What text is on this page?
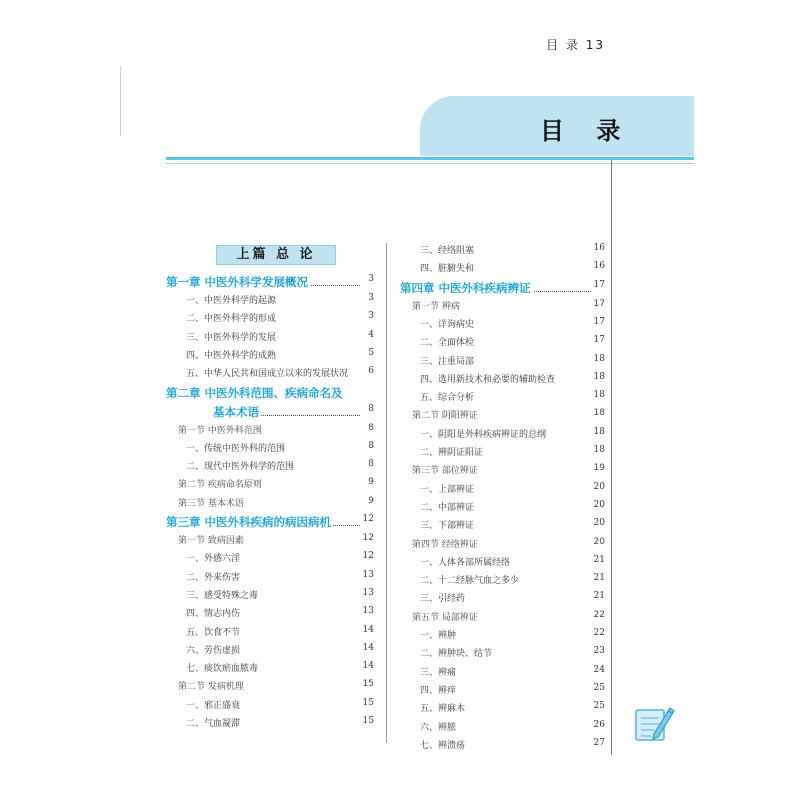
目 录 13
目 录
上篇 总 论
第一章 中医外科学发展概况	3
一、中医外科学的起源	3
二、中医外科学的形成	3
三、中医外科学的发展	4
四、中医外科学的成熟	5
五、中华人民共和国成立以来的发展状况 6
第二章 中医外科范围、疾病命名及
基本术语	8
第一节 中医外科范围	8
一、传统中医外科的范围	8
二、现代中医外科学的范围	8
第二节 疾病命名原则	9
第三节 基本术语	9
第三章 中医外科疾病的病因病机	12
第一节 致病因素	12
一、外感六淫	12
二、外来伤害	13
三、感受特殊之毒	13
四、情志内伤	13
五、饮食不节	14
六、劳伤虚损	14
七、痰饮瘀血脓毒	14
第二节 发病机理	15
一、邪正盛衰	15
二、气血凝滞	15
三、经络阻塞	16
四、脏腑失和	16
第四章 中医外科疾病辨证	17
第一节 辨病	17
一、详询病史	17
二、全面体检	17
三、注重局部	18
四、选用新技术和必要的辅助检查	18
五、综合分析	18
第二节 阴阳辨证	18
一、阴阳是外科疾病辨证的总纲	18
二、辨阴证阳证	18
第三节 部位辨证	19
一、上部辨证	20
二、中部辨证	20
三、下部辨证	20
第四节 经络辨证	20
一、人体各部所属经络	21
二、十二经脉气血之多少	21
三、引经药	21
第五节 局部辨证	22
一、辨肿	22
二、辨肿块、结节	23
三、辨痛	24
四、辨痒	25
五、辨麻木	25
六、辨脓	26
七、辨溃疡	27
